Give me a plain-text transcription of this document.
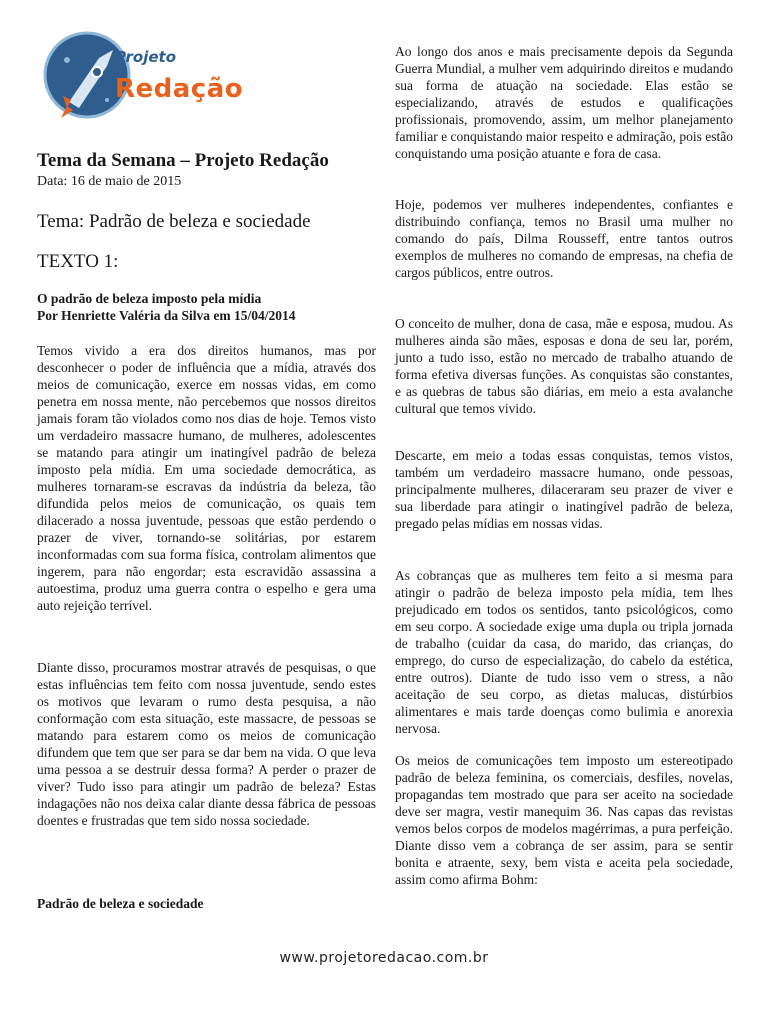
Projeto
Redação
Tema da Semana – Projeto Redação

Data: 16 de maio de 2015

Tema: Padrão de beleza e sociedade
TEXTO 1:
O padrão de beleza imposto pela mídia
Por Henriette Valéria da Silva em 15/04/2014

Temos vivido a era dos direitos humanos, mas por desconhecer o poder de influência que a mídia, através dos meios de comunicação, exerce em nossas vidas, em como penetra em nossa mente, não percebemos que nossos direitos jamais foram tão violados como nos dias de hoje. Temos visto um verdadeiro massacre humano, de mulheres, adolescentes se matando para atingir um inatingível padrão de beleza imposto pela mídia. Em uma sociedade democrática, as mulheres tornaram-se escravas da indústria da beleza, tão difundida pelos meios de comunicação, os quais tem dilacerado a nossa juventude, pessoas que estão perdendo o prazer de viver, tornando-se solitárias, por estarem inconformadas com sua forma física, controlam alimentos que ingerem, para não engordar; esta escravidão assassina a autoestima, produz uma guerra contra o espelho e gera uma auto rejeição terrível.

Diante disso, procuramos mostrar através de pesquisas, o que estas influências tem feito com nossa juventude, sendo estes os motivos que levaram o rumo desta pesquisa, a não conformação com esta situação, este massacre, de pessoas se matando para estarem como os meios de comunicação difundem que tem que ser para se dar bem na vida. O que leva uma pessoa a se destruir dessa forma? A perder o prazer de viver? Tudo isso para atingir um padrão de beleza? Estas indagações não nos deixa calar diante dessa fábrica de pessoas doentes e frustradas que tem sido nossa sociedade.

Padrão de beleza e sociedade

Ao longo dos anos e mais precisamente depois da Segunda Guerra Mundial, a mulher vem adquirindo direitos e mudando sua forma de atuação na sociedade. Elas estão se especializando, através de estudos e qualificações profissionais, promovendo, assim, um melhor planejamento familiar e conquistando maior respeito e admiração, pois estão conquistando uma posição atuante e fora de casa.

Hoje, podemos ver mulheres independentes, confiantes e distribuindo confiança, temos no Brasil uma mulher no comando do país, Dilma Rousseff, entre tantos outros exemplos de mulheres no comando de empresas, na chefia de cargos públicos, entre outros.

O conceito de mulher, dona de casa, mãe e esposa, mudou. As mulheres ainda são mães, esposas e dona de seu lar, porém, junto a tudo isso, estão no mercado de trabalho atuando de forma efetiva diversas funções. As conquistas são constantes, e as quebras de tabus são diárias, em meio a esta avalanche cultural que temos vivido.

Descarte, em meio a todas essas conquistas, temos vistos, também um verdadeiro massacre humano, onde pessoas, principalmente mulheres, dilaceraram seu prazer de viver e sua liberdade para atingir o inatingível padrão de beleza, pregado pelas mídias em nossas vidas.

As cobranças que as mulheres tem feito a si mesma para atingir o padrão de beleza imposto pela mídia, tem lhes prejudicado em todos os sentidos, tanto psicológicos, como em seu corpo. A sociedade exige uma dupla ou tripla jornada de trabalho (cuidar da casa, do marido, das crianças, do emprego, do curso de especialização, do cabelo da estética, entre outros). Diante de tudo isso vem o stress, a não aceitação de seu corpo, as dietas malucas, distúrbios alimentares e mais tarde doenças como bulimia e anorexia nervosa.

Os meios de comunicações tem imposto um estereotipado padrão de beleza feminina, os comerciais, desfiles, novelas, propagandas tem mostrado que para ser aceito na sociedade deve ser magra, vestir manequim 36. Nas capas das revistas vemos belos corpos de modelos magérrimas, a pura perfeição. Diante disso vem a cobrança de ser assim, para se sentir bonita e atraente, sexy, bem vista e aceita pela sociedade, assim como afirma Bohm:

www.projetoredacao.com.br
